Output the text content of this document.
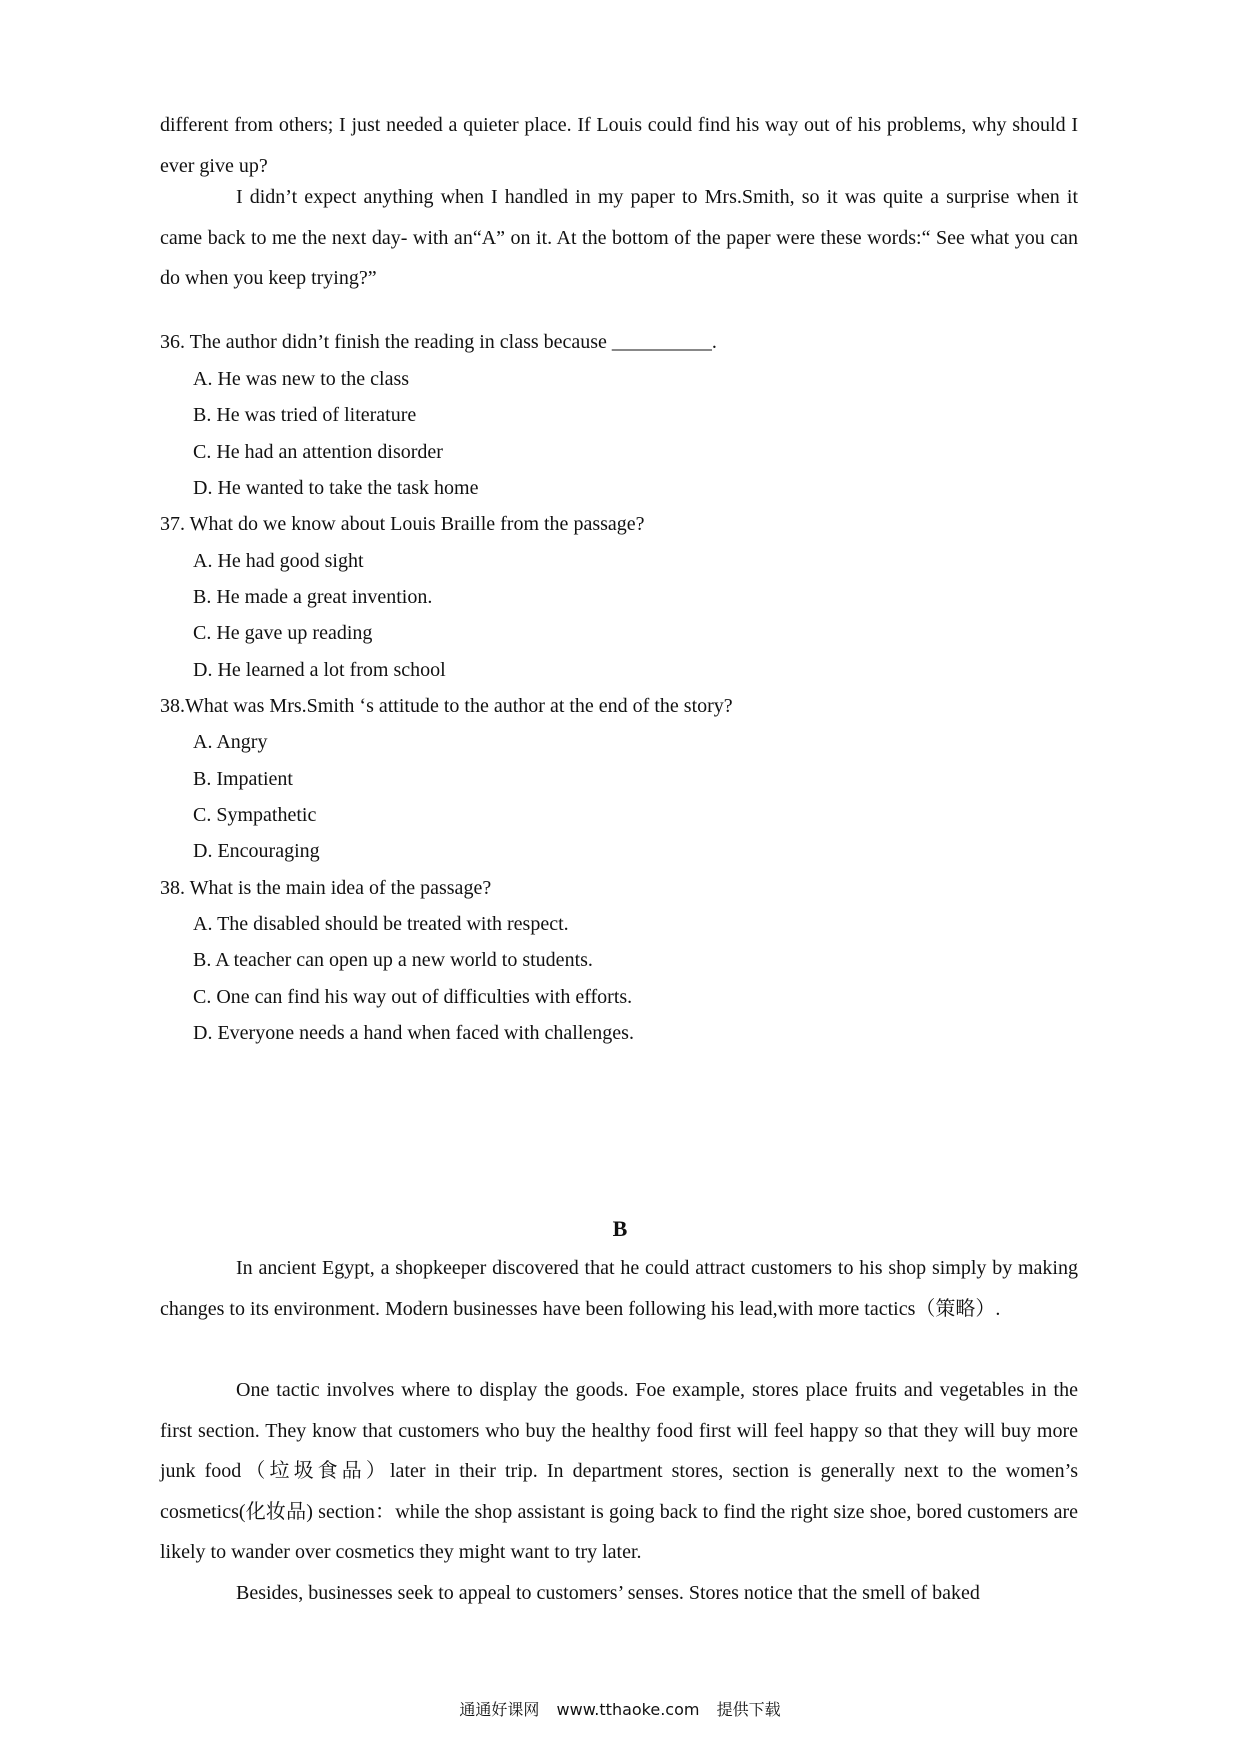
different from others; I just needed a quieter place. If Louis could find his way out of his problems, why should I ever give up?

I didn’t expect anything when I handled in my paper to Mrs.Smith, so it was quite a surprise when it came back to me the next day- with an“A” on it. At the bottom of the paper were these words:“ See what you can do when you keep trying?”

36. The author didn’t finish the reading in class because __________.

A. He was new to the class

B. He was tried of literature

C. He had an attention disorder

D. He wanted to take the task home

37. What do we know about Louis Braille from the passage?

A. He had good sight

B. He made a great invention.

C. He gave up reading

D. He learned a lot from school

38.What was Mrs.Smith ‘s attitude to the author at the end of the story?

A. Angry

B. Impatient

C. Sympathetic

D. Encouraging

38. What is the main idea of the passage?

A. The disabled should be treated with respect.

B. A teacher can open up a new world to students.

C. One can find his way out of difficulties with efforts.

D. Everyone needs a hand when faced with challenges.

B

In ancient Egypt, a shopkeeper discovered that he could attract customers to his shop simply by making changes to its environment. Modern businesses have been following his lead,with more tactics（策略）.

One tactic involves where to display the goods. Foe example, stores place fruits and vegetables in the first section. They know that customers who buy the healthy food first will feel happy so that they will buy more junk food（垃圾食品）later in their trip. In department stores, section is generally next to the women’s cosmetics(化妆品) section：while the shop assistant is going back to find the right size shoe, bored customers are likely to wander over cosmetics they might want to try later.

Besides, businesses seek to appeal to customers’ senses. Stores notice that the smell of baked

通通好课网 www.tthaoke.com 提供下载
